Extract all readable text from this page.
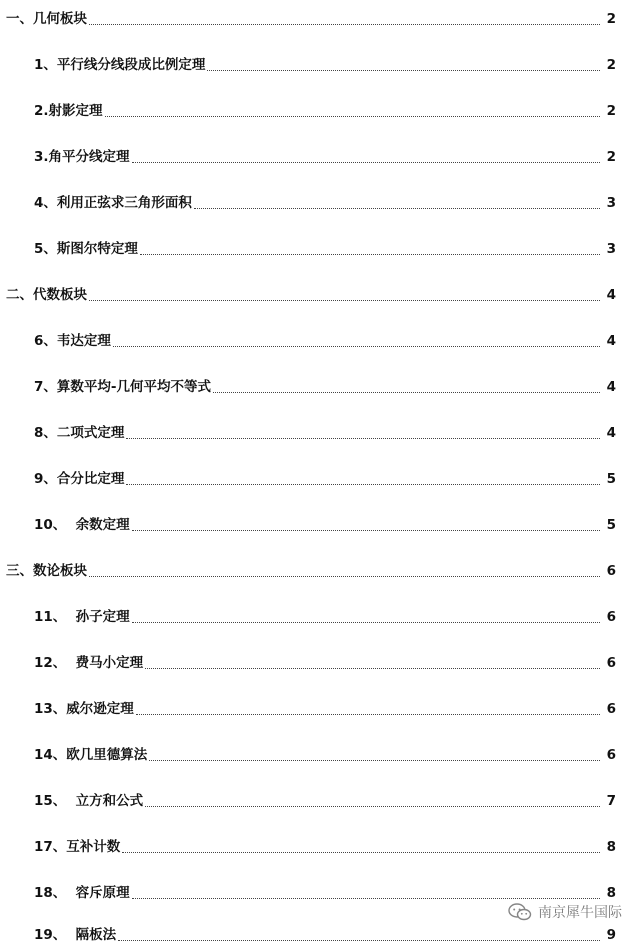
一、几何板块	2
1、平行线分线段成比例定理	2
2.射影定理	2
3.角平分线定理	2
4、利用正弦求三角形面积	3
5、斯图尔特定理	3
二、代数板块	4
6、韦达定理	4
7、算数平均-几何平均不等式	4
8、二项式定理	4
9、合分比定理	5
10、  余数定理	5
三、数论板块	6
11、  孙子定理	6
12、  费马小定理	6
13、威尔逊定理	6
14、欧几里德算法	6
15、  立方和公式	7
17、互补计数	8
18、  容斥原理	8
19、  隔板法	9
南京犀牛国际
